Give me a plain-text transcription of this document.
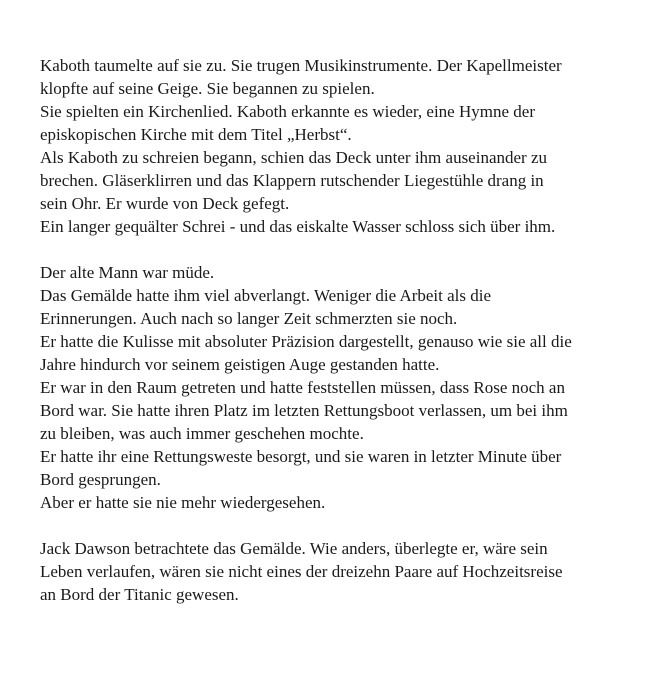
Kaboth taumelte auf sie zu. Sie trugen Musikinstrumente. Der Kapellmeister
klopfte auf seine Geige. Sie begannen zu spielen.
Sie spielten ein Kirchenlied. Kaboth erkannte es wieder, eine Hymne der
episkopischen Kirche mit dem Titel „Herbst“.
Als Kaboth zu schreien begann, schien das Deck unter ihm auseinander zu
brechen. Gläserklirren und das Klappern rutschender Liegestühle drang in
sein Ohr. Er wurde von Deck gefegt.
Ein langer gequälter Schrei - und das eiskalte Wasser schloss sich über ihm.
Der alte Mann war müde.
Das Gemälde hatte ihm viel abverlangt. Weniger die Arbeit als die
Erinnerungen. Auch nach so langer Zeit schmerzten sie noch.
Er hatte die Kulisse mit absoluter Präzision dargestellt, genauso wie sie all die
Jahre hindurch vor seinem geistigen Auge gestanden hatte.
Er war in den Raum getreten und hatte feststellen müssen, dass Rose noch an
Bord war. Sie hatte ihren Platz im letzten Rettungsboot verlassen, um bei ihm
zu bleiben, was auch immer geschehen mochte.
Er hatte ihr eine Rettungsweste besorgt, und sie waren in letzter Minute über
Bord gesprungen.
Aber er hatte sie nie mehr wiedergesehen.
Jack Dawson betrachtete das Gemälde. Wie anders, überlegte er, wäre sein
Leben verlaufen, wären sie nicht eines der dreizehn Paare auf Hochzeitsreise
an Bord der Titanic gewesen.
